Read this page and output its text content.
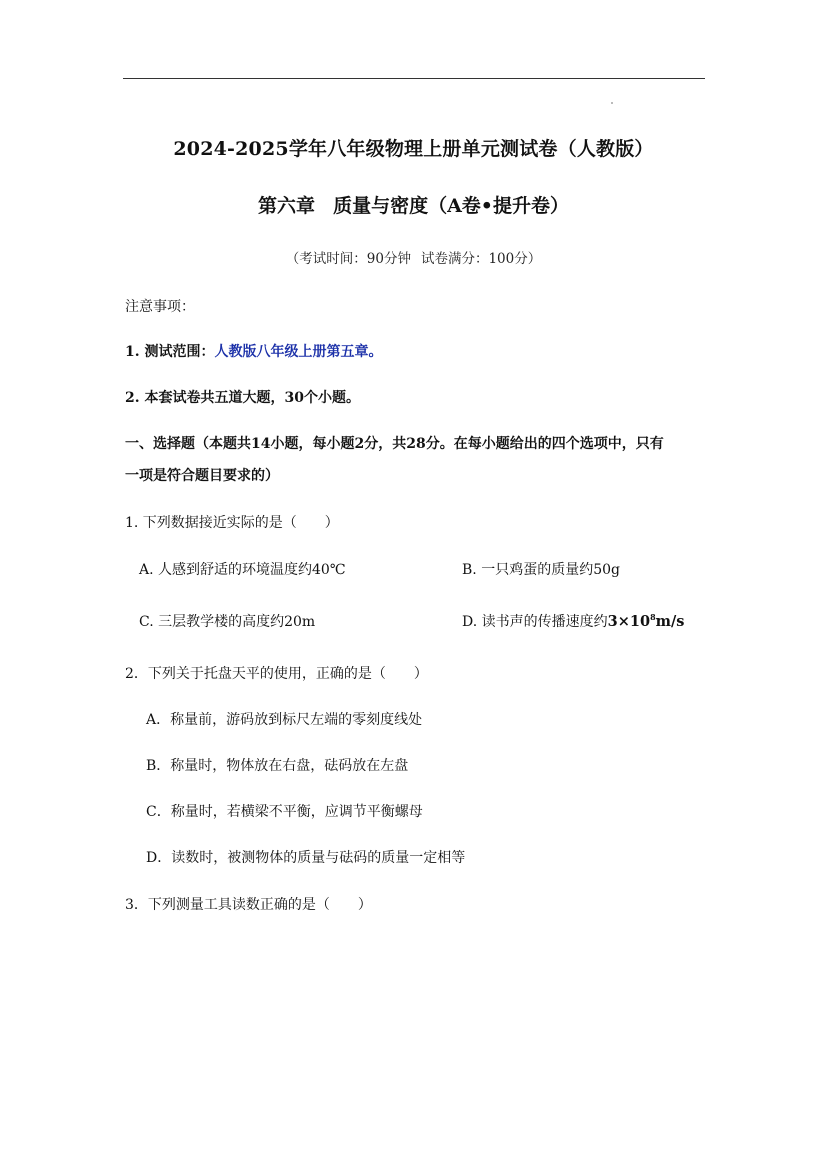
2024-2025学年八年级物理上册单元测试卷（人教版）
第六章 质量与密度（A卷•提升卷）
（考试时间：90分钟 试卷满分：100分）
注意事项：
1. 测试范围：人教版八年级上册第五章。
2. 本套试卷共五道大题，30个小题。
一、选择题（本题共14小题，每小题2分，共28分。在每小题给出的四个选项中，只有
一项是符合题目要求的）
1. 下列数据接近实际的是（　　）
A. 人感到舒适的环境温度约40℃	B. 一只鸡蛋的质量约50g
C. 三层教学楼的高度约20m	D. 读书声的传播速度约$3\times 10^8m/s$
2．下列关于托盘天平的使用，正确的是（　　）
A．称量前，游码放到标尺左端的零刻度线处
B．称量时，物体放在右盘，砝码放在左盘
C．称量时，若横梁不平衡，应调节平衡螺母
D．读数时，被测物体的质量与砝码的质量一定相等
3．下列测量工具读数正确的是（　　）
